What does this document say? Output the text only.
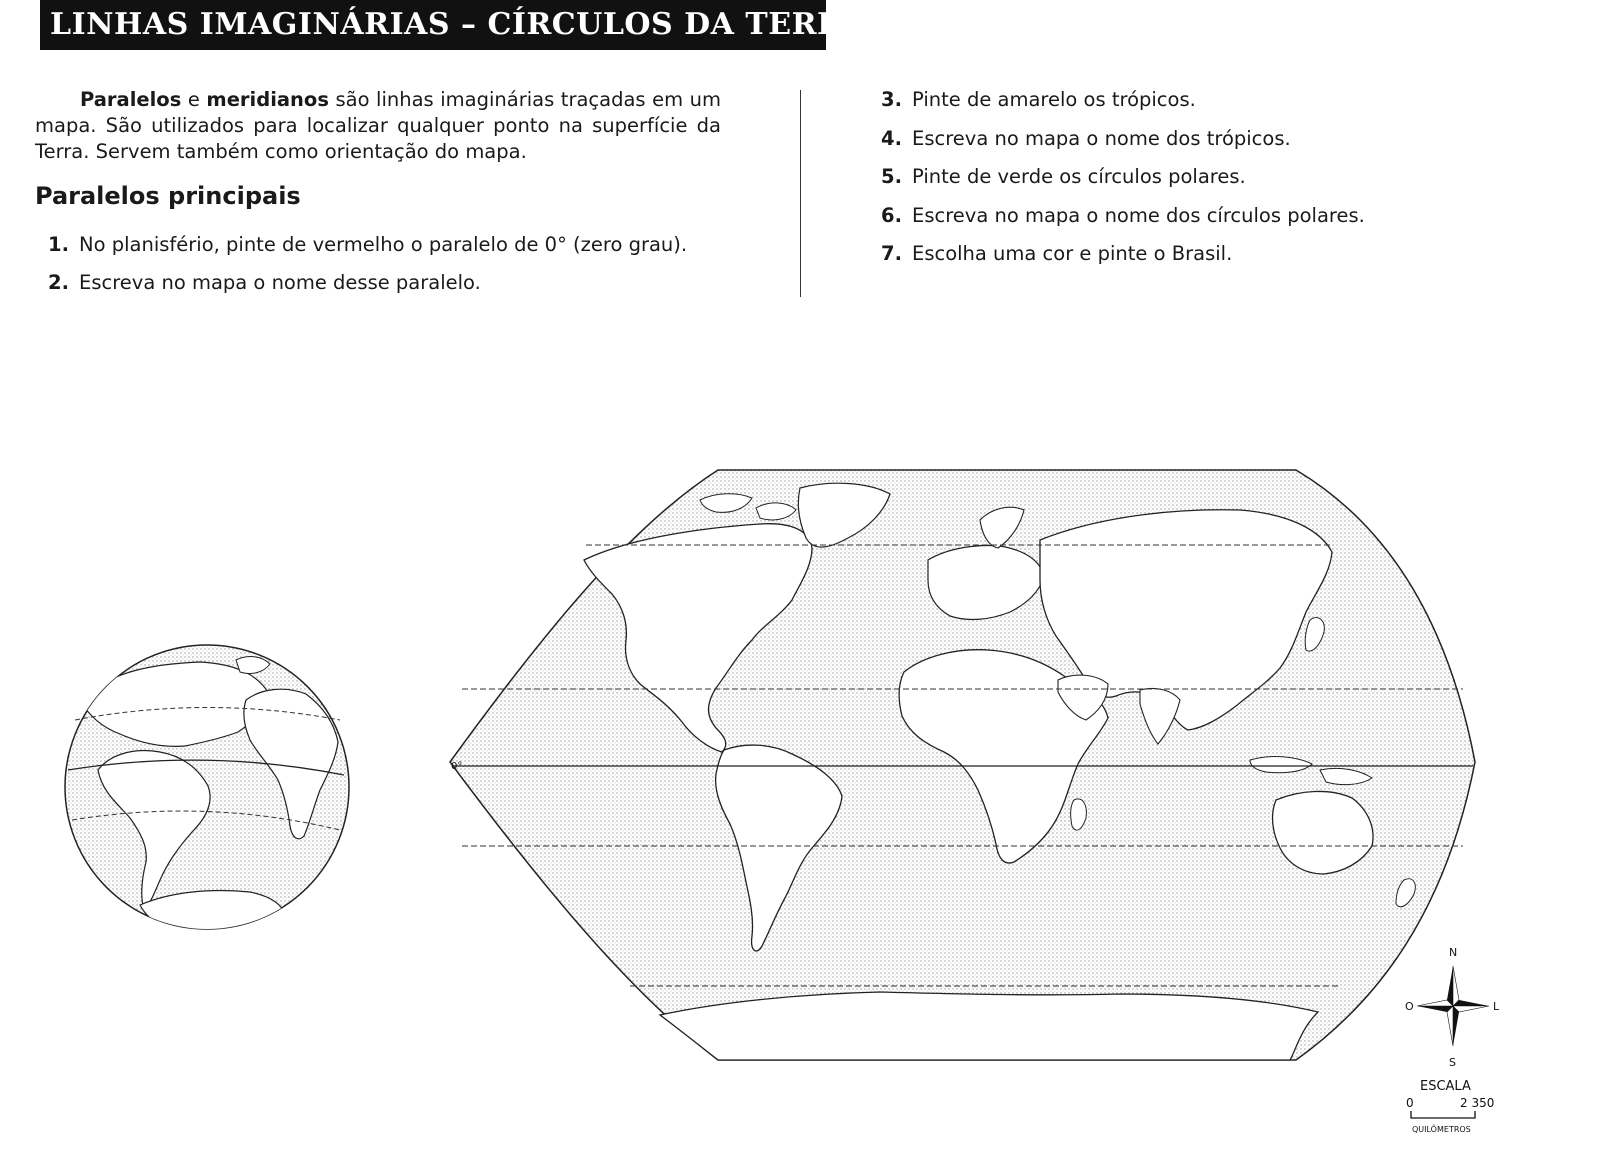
LINHAS IMAGINÁRIAS – CÍRCULOS DA TERRA

Paralelos e meridianos são linhas imaginárias traçadas em um mapa. São utilizados para localizar qualquer ponto na superfície da Terra. Servem também como orientação do mapa.

Paralelos principais
1. No planisfério, pinte de vermelho o paralelo de 0° (zero grau).
2. Escreva no mapa o nome desse paralelo.
3. Pinte de amarelo os trópicos.
4. Escreva no mapa o nome dos trópicos.
5. Pinte de verde os círculos polares.
6. Escreva no mapa o nome dos círculos polares.
7. Escolha uma cor e pinte o Brasil.
0°
N
S
O	L
ESCALA
0	2 350
QUILÔMETROS
